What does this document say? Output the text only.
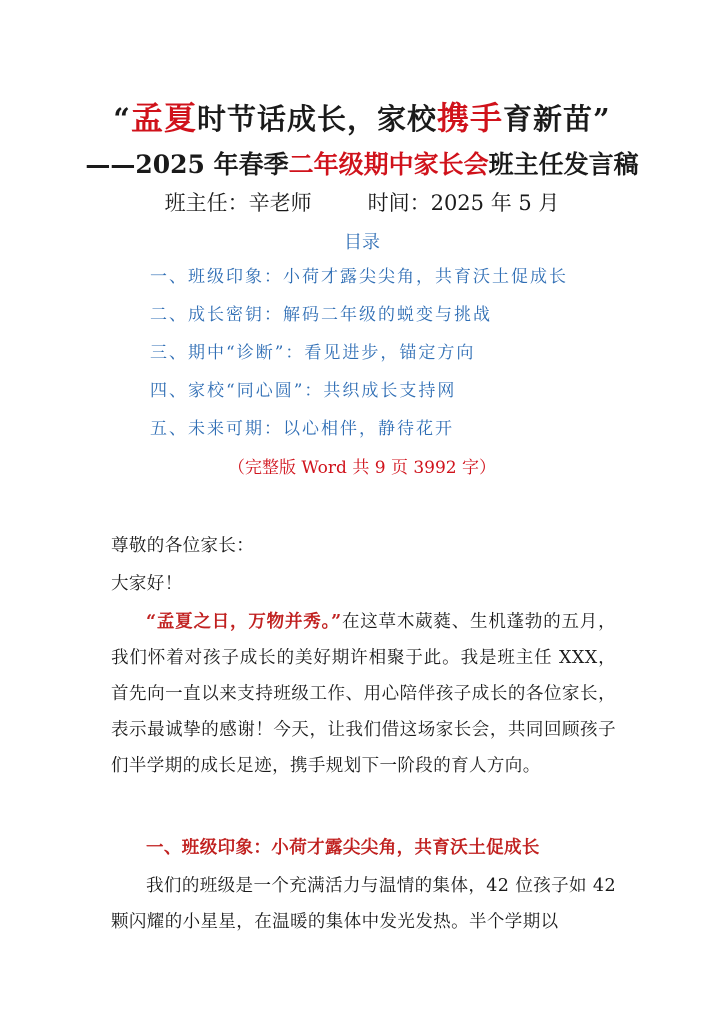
“孟夏时节话成长，家校携手育新苗”
——2025 年春季二年级期中家长会班主任发言稿
班主任：辛老师	时间：2025 年 5 月
目录
一、班级印象：小荷才露尖尖角，共育沃土促成长
二、成长密钥：解码二年级的蜕变与挑战
三、期中“诊断”：看见进步，锚定方向
四、家校“同心圆”：共织成长支持网
五、未来可期：以心相伴，静待花开
（完整版 Word 共 9 页 3992 字）
尊敬的各位家长：
大家好！
“孟夏之日，万物并秀。”在这草木葳蕤、生机蓬勃的五月，我们怀着对孩子成长的美好期许相聚于此。我是班主任 XXX，首先向一直以来支持班级工作、用心陪伴孩子成长的各位家长，表示最诚挚的感谢！今天，让我们借这场家长会，共同回顾孩子们半学期的成长足迹，携手规划下一阶段的育人方向。
一、班级印象：小荷才露尖尖角，共育沃土促成长
我们的班级是一个充满活力与温情的集体，42 位孩子如 42 颗闪耀的小星星，在温暖的集体中发光发热。半个学期以
